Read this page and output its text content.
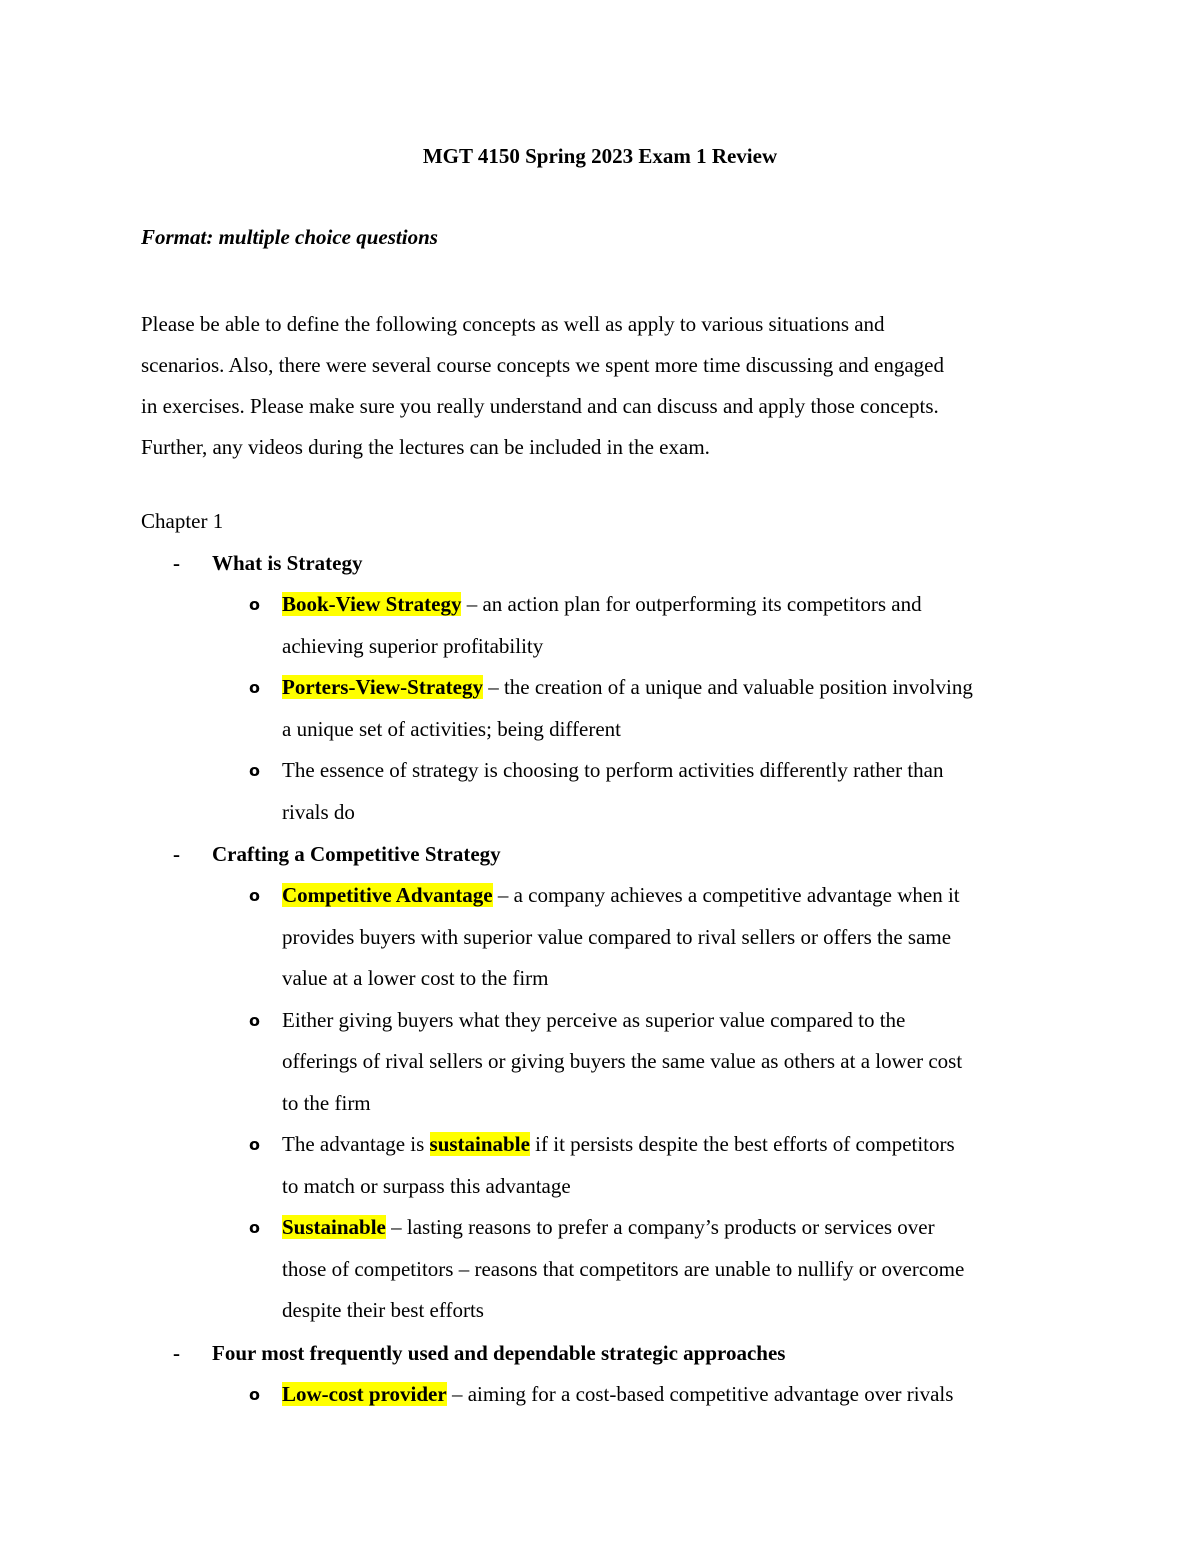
MGT 4150 Spring 2023 Exam 1 Review
Format: multiple choice questions
Please be able to define the following concepts as well as apply to various situations and
scenarios. Also, there were several course concepts we spent more time discussing and engaged
in exercises. Please make sure you really understand and can discuss and apply those concepts.
Further, any videos during the lectures can be included in the exam.
Chapter 1
- What is Strategy
o Book-View Strategy – an action plan for outperforming its competitors and
achieving superior profitability
o Porters-View-Strategy – the creation of a unique and valuable position involving
a unique set of activities; being different
o The essence of strategy is choosing to perform activities differently rather than
rivals do
- Crafting a Competitive Strategy
o Competitive Advantage – a company achieves a competitive advantage when it
provides buyers with superior value compared to rival sellers or offers the same
value at a lower cost to the firm
o Either giving buyers what they perceive as superior value compared to the
offerings of rival sellers or giving buyers the same value as others at a lower cost
to the firm
o The advantage is sustainable if it persists despite the best efforts of competitors
to match or surpass this advantage
o Sustainable – lasting reasons to prefer a company’s products or services over
those of competitors – reasons that competitors are unable to nullify or overcome
despite their best efforts
- Four most frequently used and dependable strategic approaches
o Low-cost provider – aiming for a cost-based competitive advantage over rivals
